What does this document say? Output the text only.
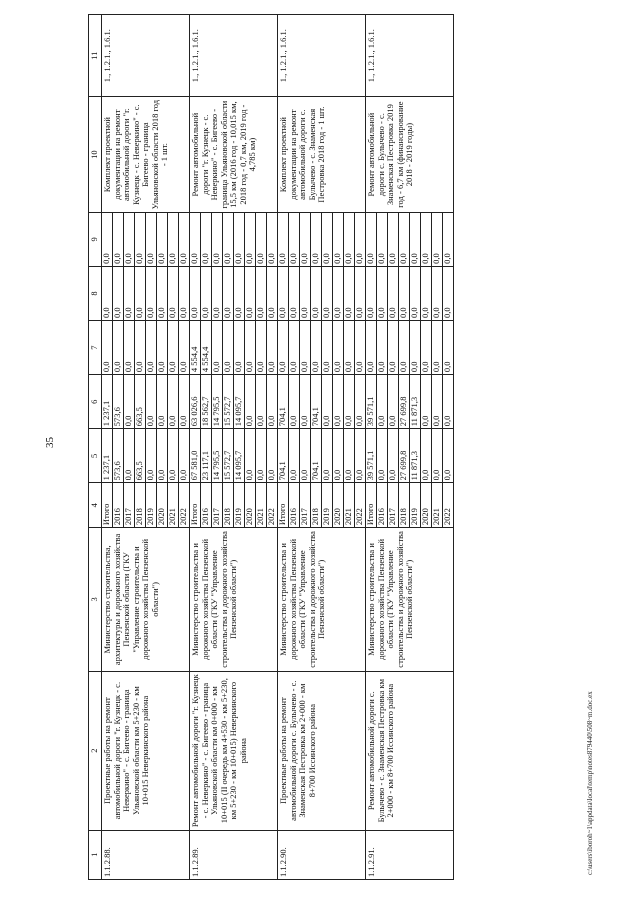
35
1	2	3	4	5	6	7	8	9	10	11
1.1.2.88.	Проектные работы на ремонт автомобильной дороги "г. Кузнецк - с. Неверкино" - с. Бигеево - граница Ульяновской области км 5+230 - км 10+015 Неверкинского района	Министерство строительства, архитектуры и дорожного хозяйства Пензенской области (ГКУ "Управление строительства и дорожного хозяйства Пензенской области")	Итого	1 237,1	1 237,1	0,0	0,0	0,0	Комплект проектной документации на ремонт автомобильной дороги "г. Кузнецк - с. Неверкино" - с. Бигеево - граница Ульяновской области 2018 год - 1 шт.	1., 1.2.1., 1.6.1.
			2016	573,6	573,6	0,0	0,0	0,0		
			2017	0,0	0,0	0,0	0,0	0,0		
			2018	663,5	663,5	0,0	0,0	0,0		
			2019	0,0	0,0	0,0	0,0	0,0		
			2020	0,0	0,0	0,0	0,0	0,0		
			2021	0,0	0,0	0,0	0,0	0,0		
			2022	0,0	0,0	0,0	0,0	0,0		
1.1.2.89.	Ремонт автомобильной дороги "г. Кузнецк - с. Неверкино" - с. Бигеево - граница Ульяновской области км 0+000 - км 10+015 (II очередь км 4+530 - км 5+230, км 5+230 - км 10+015) Неверкинского района	Министерство строительства и дорожного хозяйства Пензенской области (ГКУ "Управление строительства и дорожного хозяйства Пензенской области")	Итого	67 581,0	63 026,6	4 554,4	0,0	0,0	Ремонт автомобильной дороги "г. Кузнецк - с. Неверкино" - с. Бигеево - граница Ульяновской области 15,5 км (2016 год - 10,015 км, 2018 год - 0,7 км, 2019 год - 4,785 км)	1., 1.2.1., 1.6.1.
			2016	23 117,1	18 562,7	4 554,4	0,0	0,0		
			2017	14 795,5	14 795,5	0,0	0,0	0,0		
			2018	15 572,7	15 572,7	0,0	0,0	0,0		
			2019	14 095,7	14 095,7	0,0	0,0	0,0		
			2020	0,0	0,0	0,0	0,0	0,0		
			2021	0,0	0,0	0,0	0,0	0,0		
			2022	0,0	0,0	0,0	0,0	0,0		
1.1.2.90.	Проектные работы на ремонт автомобильной дороги с. Булычево - с. Знаменская Пестровка км 2+000 - км 8+700 Иссинского района	Министерство строительства и дорожного хозяйства Пензенской области (ГКУ "Управление строительства и дорожного хозяйства Пензенской области")	Итого	704,1	704,1	0,0	0,0	0,0	Комплект проектной документации на ремонт автомобильной дороги с. Булычево - с. Знаменская Пестровка 2018 год - 1 шт.	1., 1.2.1., 1.6.1.
			2016	0,0	0,0	0,0	0,0	0,0		
			2017	0,0	0,0	0,0	0,0	0,0		
			2018	704,1	704,1	0,0	0,0	0,0		
			2019	0,0	0,0	0,0	0,0	0,0		
			2020	0,0	0,0	0,0	0,0	0,0		
			2021	0,0	0,0	0,0	0,0	0,0		
			2022	0,0	0,0	0,0	0,0	0,0		
1.1.2.91.	Ремонт автомобильной дороги с. Булычево - с. Знаменская Пестровка км 2+000 - км 8+700 Иссинского района	Министерство строительства и дорожного хозяйства Пензенской области (ГКУ "Управление строительства и дорожного хозяйства Пензенской области")	Итого	39 571,1	39 571,1	0,0	0,0	0,0	Ремонт автомобильной дороги с. Булычево - с. Знаменская Пестровка 2019 год - 6,7 км (финансирование 2018 - 2019 годы)	1., 1.2.1., 1.6.1.
			2016	0,0	0,0	0,0	0,0	0,0		
			2017	0,0	0,0	0,0	0,0	0,0		
			2018	27 699,8	27 699,8	0,0	0,0	0,0		
			2019	11 871,3	11 871,3	0,0	0,0	0,0		
			2020	0,0	0,0	0,0	0,0	0,0		
			2021	0,0	0,0	0,0	0,0	0,0		
			2022	0,0	0,0	0,0	0,0	0,0		
c:\users\iboroh~1\appdata\local\temp\notes879440\508~m.doc.ex
